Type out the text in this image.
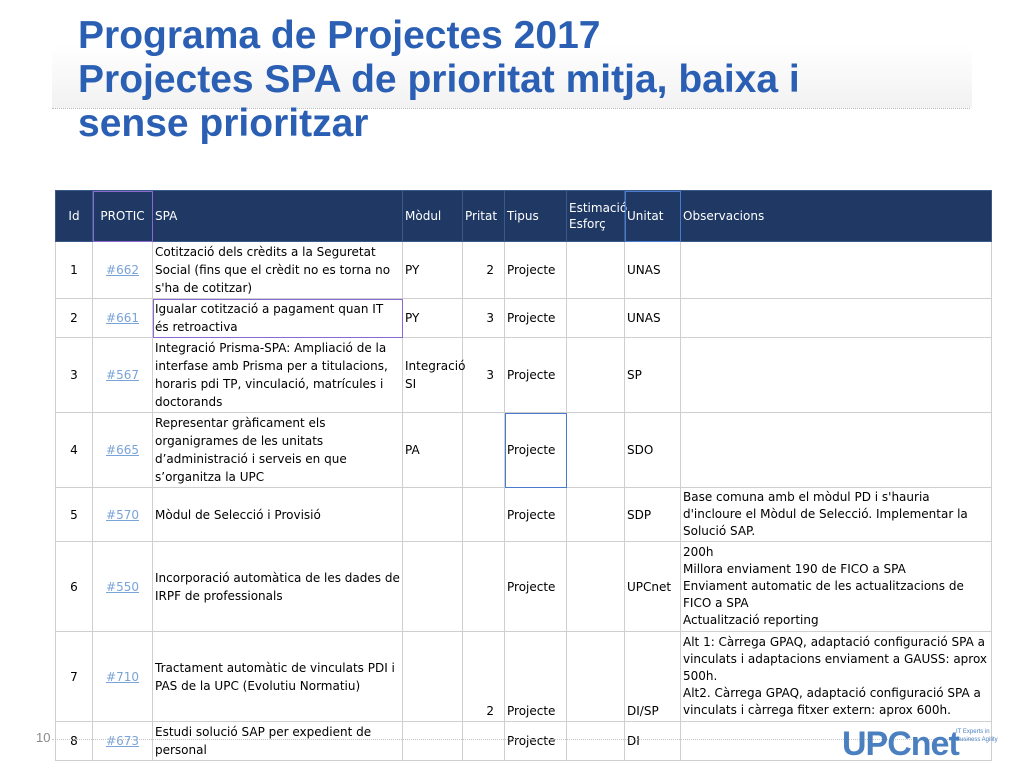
Programa de Projectes 2017
Projectes SPA de prioritat mitja, baixa i
sense prioritzar
Id	PROTIC	SPA	Mòdul	Pritat	Tipus	Estimació Esforç	Unitat	Observacions
1	#662	Cotització dels crèdits a la Seguretat Social (fins que el crèdit no es torna no s'ha de cotitzar)	PY	2	Projecte		UNAS	
2	#661	Igualar cotització a pagament quan IT és retroactiva	PY	3	Projecte		UNAS	
3	#567	Integració Prisma-SPA: Ampliació de la interfase amb Prisma per a titulacions, horaris pdi TP, vinculació, matrícules i doctorands	Integració SI	3	Projecte		SP	
4	#665	Representar gràficament els organigrames de les unitats d’administració i serveis en que s’organitza la UPC	PA		Projecte		SDO	
5	#570	Mòdul de Selecció i Provisió			Projecte		SDP	Base comuna amb el mòdul PD i s'hauria d'incloure el Mòdul de Selecció. Implementar la Solució SAP.
6	#550	Incorporació automàtica de les dades de IRPF de professionals			Projecte		UPCnet	200h
Millora enviament 190 de FICO a SPA
Enviament automatic de les actualitzacions de FICO a SPA
Actualització reporting
7	#710	Tractament automàtic de vinculats PDI i PAS de la UPC (Evolutiu Normatiu)		2	Projecte		DI/SP	Alt 1: Càrrega GPAQ, adaptació configuració SPA a vinculats i adaptacions enviament a GAUSS: aprox 500h.
Alt2. Càrrega GPAQ, adaptació configuració SPA a vinculats i càrrega fitxer extern: aprox 600h.
8	#673	Estudi solució SAP per expedient de personal			Projecte		DI	
10	UPCnet
IT Experts in
Business Agility
